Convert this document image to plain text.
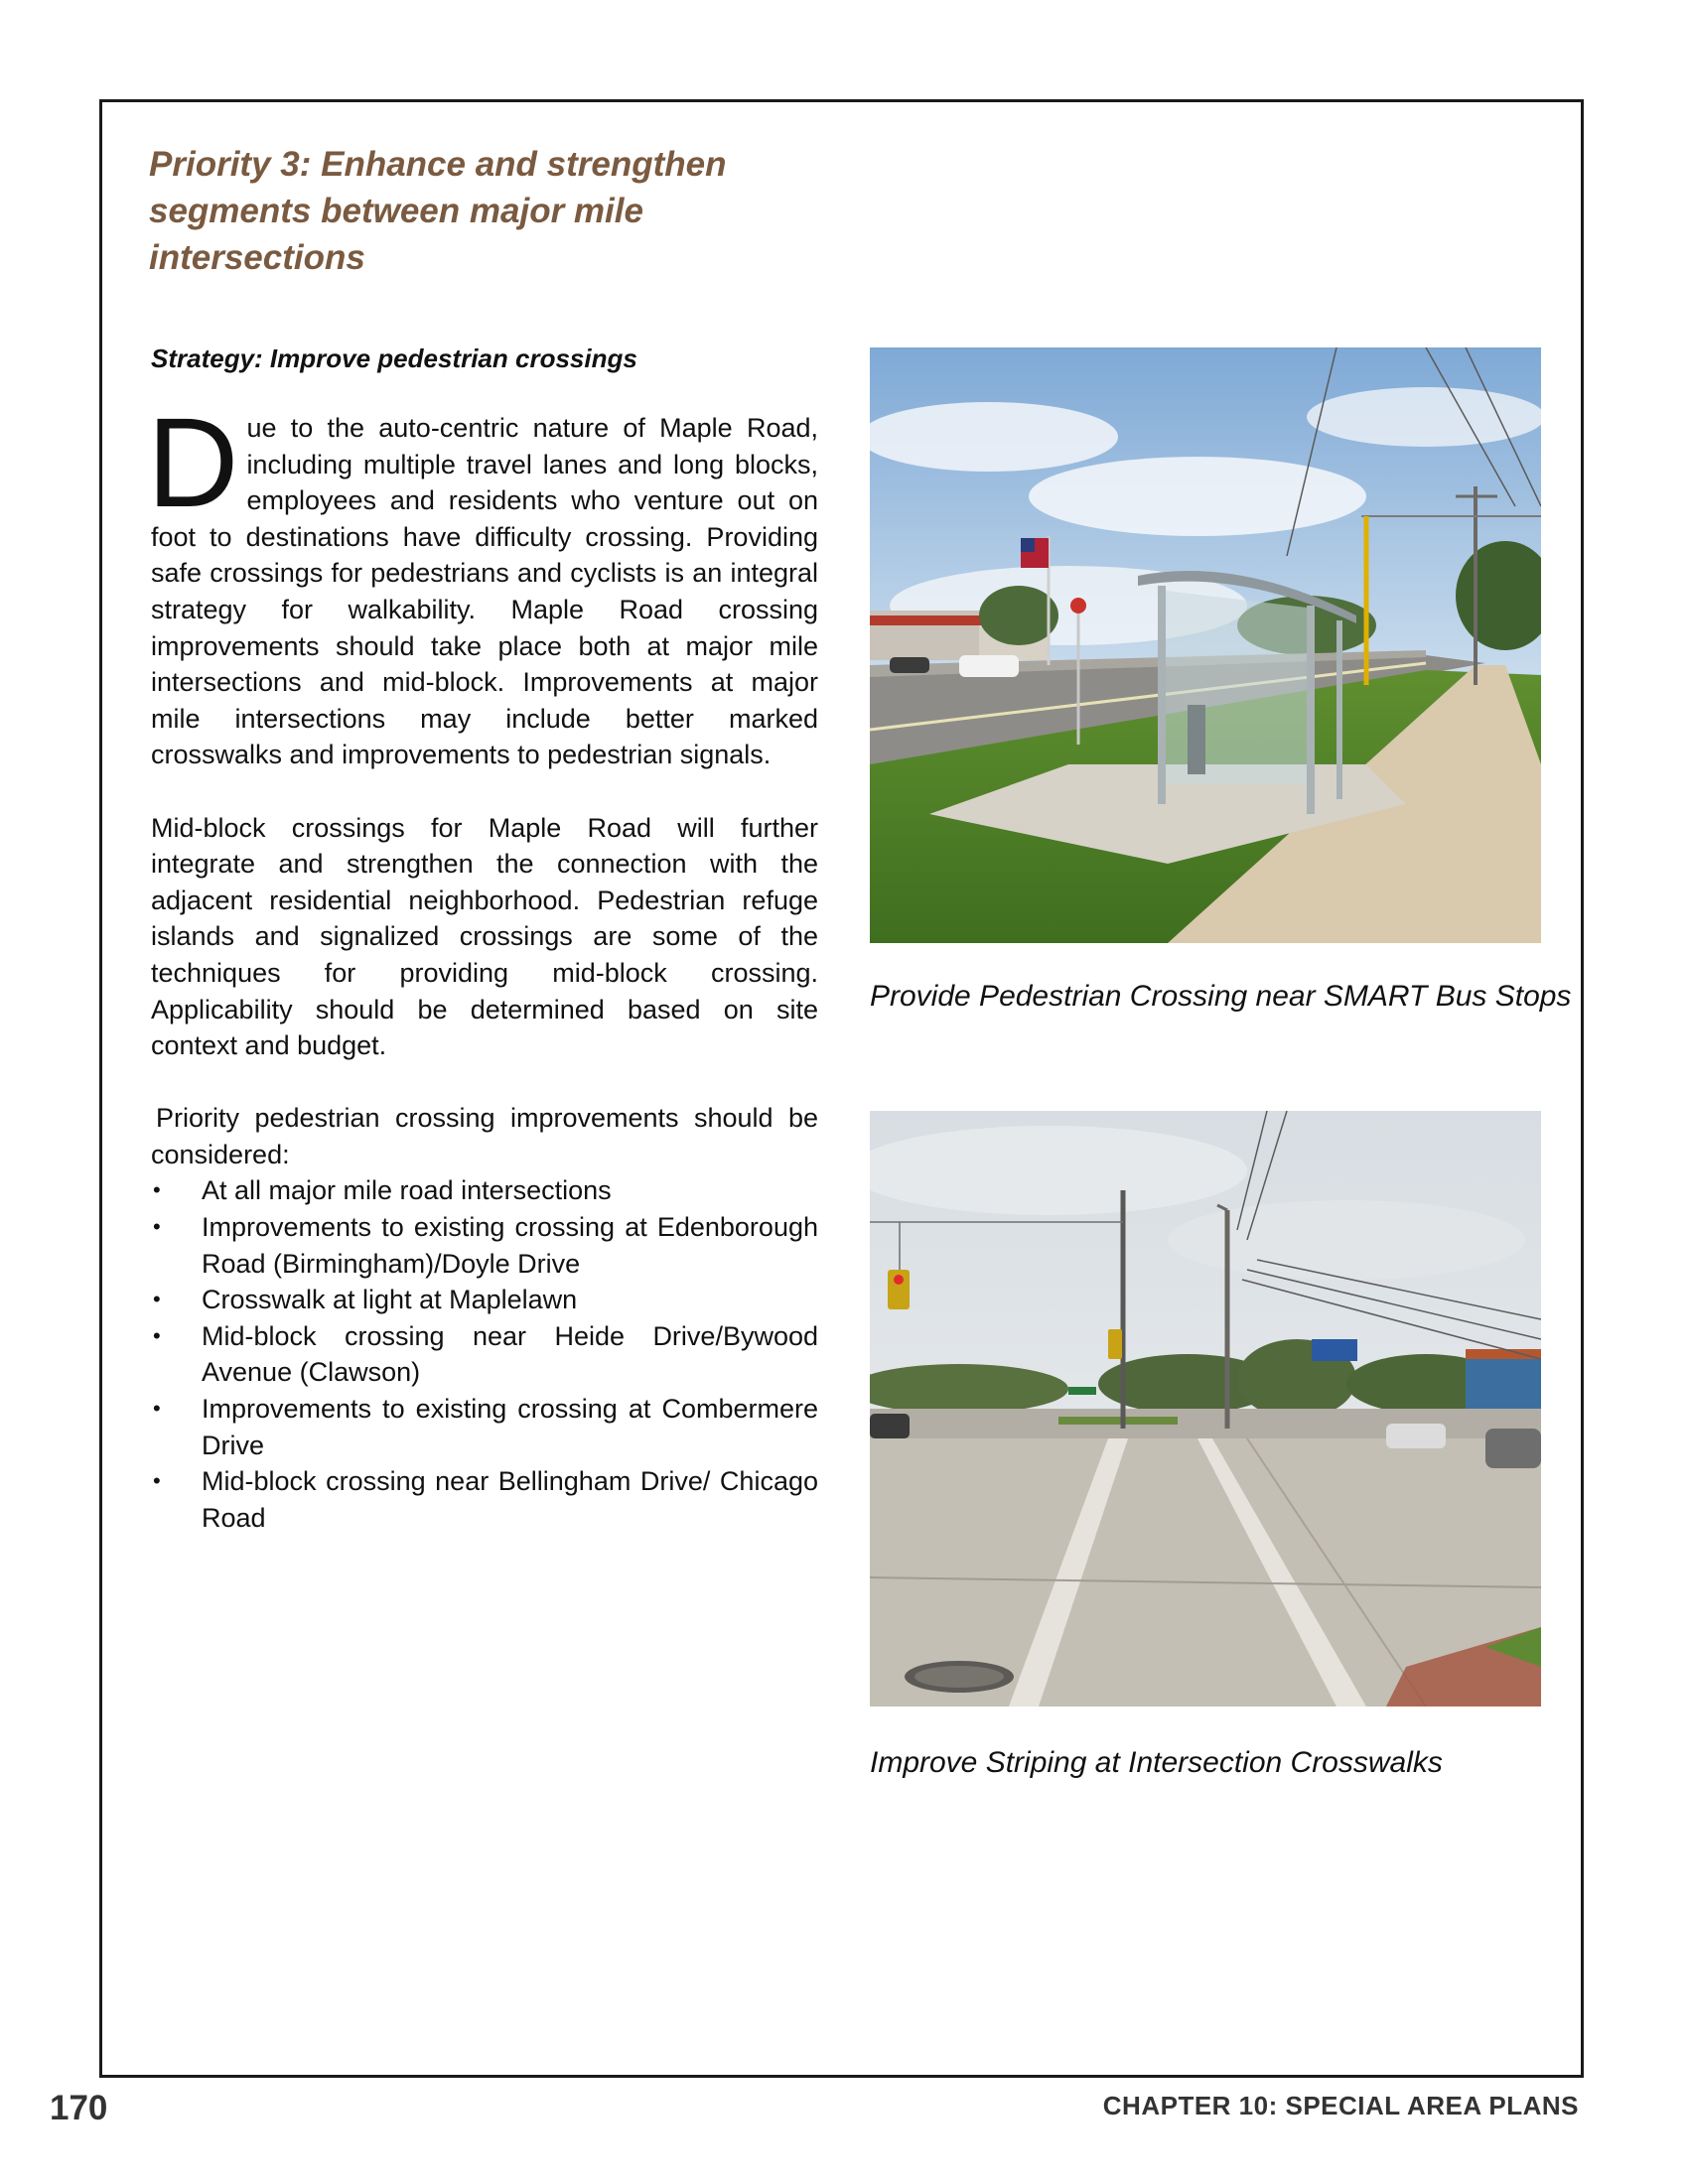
Priority 3: Enhance and strengthen segments between major mile intersections

Strategy: Improve pedestrian crossings

Due to the auto-centric nature of Maple Road, including multiple travel lanes and long blocks, employees and residents who venture out on foot to destinations have difficulty crossing. Providing safe crossings for pedestrians and cyclists is an integral strategy for walkability. Maple Road crossing improvements should take place both at major mile intersections and mid-block. Improvements at major mile intersections may include better marked crosswalks and improvements to pedestrian signals.

Mid-block crossings for Maple Road will further integrate and strengthen the connection with the adjacent residential neighborhood. Pedestrian refuge islands and signalized crossings are some of the techniques for providing mid-block crossing. Applicability should be determined based on site context and budget.

Priority pedestrian crossing improvements should be considered:

• At all major mile road intersections
• Improvements to existing crossing at Edenborough Road (Birmingham)/Doyle Drive
• Crosswalk at light at Maplelawn
• Mid-block crossing near Heide Drive/Bywood Avenue (Clawson)
• Improvements to existing crossing at Combermere Drive
• Mid-block crossing near Bellingham Drive/ Chicago Road

Provide Pedestrian Crossing near SMART Bus Stops

Improve Striping at Intersection Crosswalks

170	CHAPTER 10: SPECIAL AREA PLANS
